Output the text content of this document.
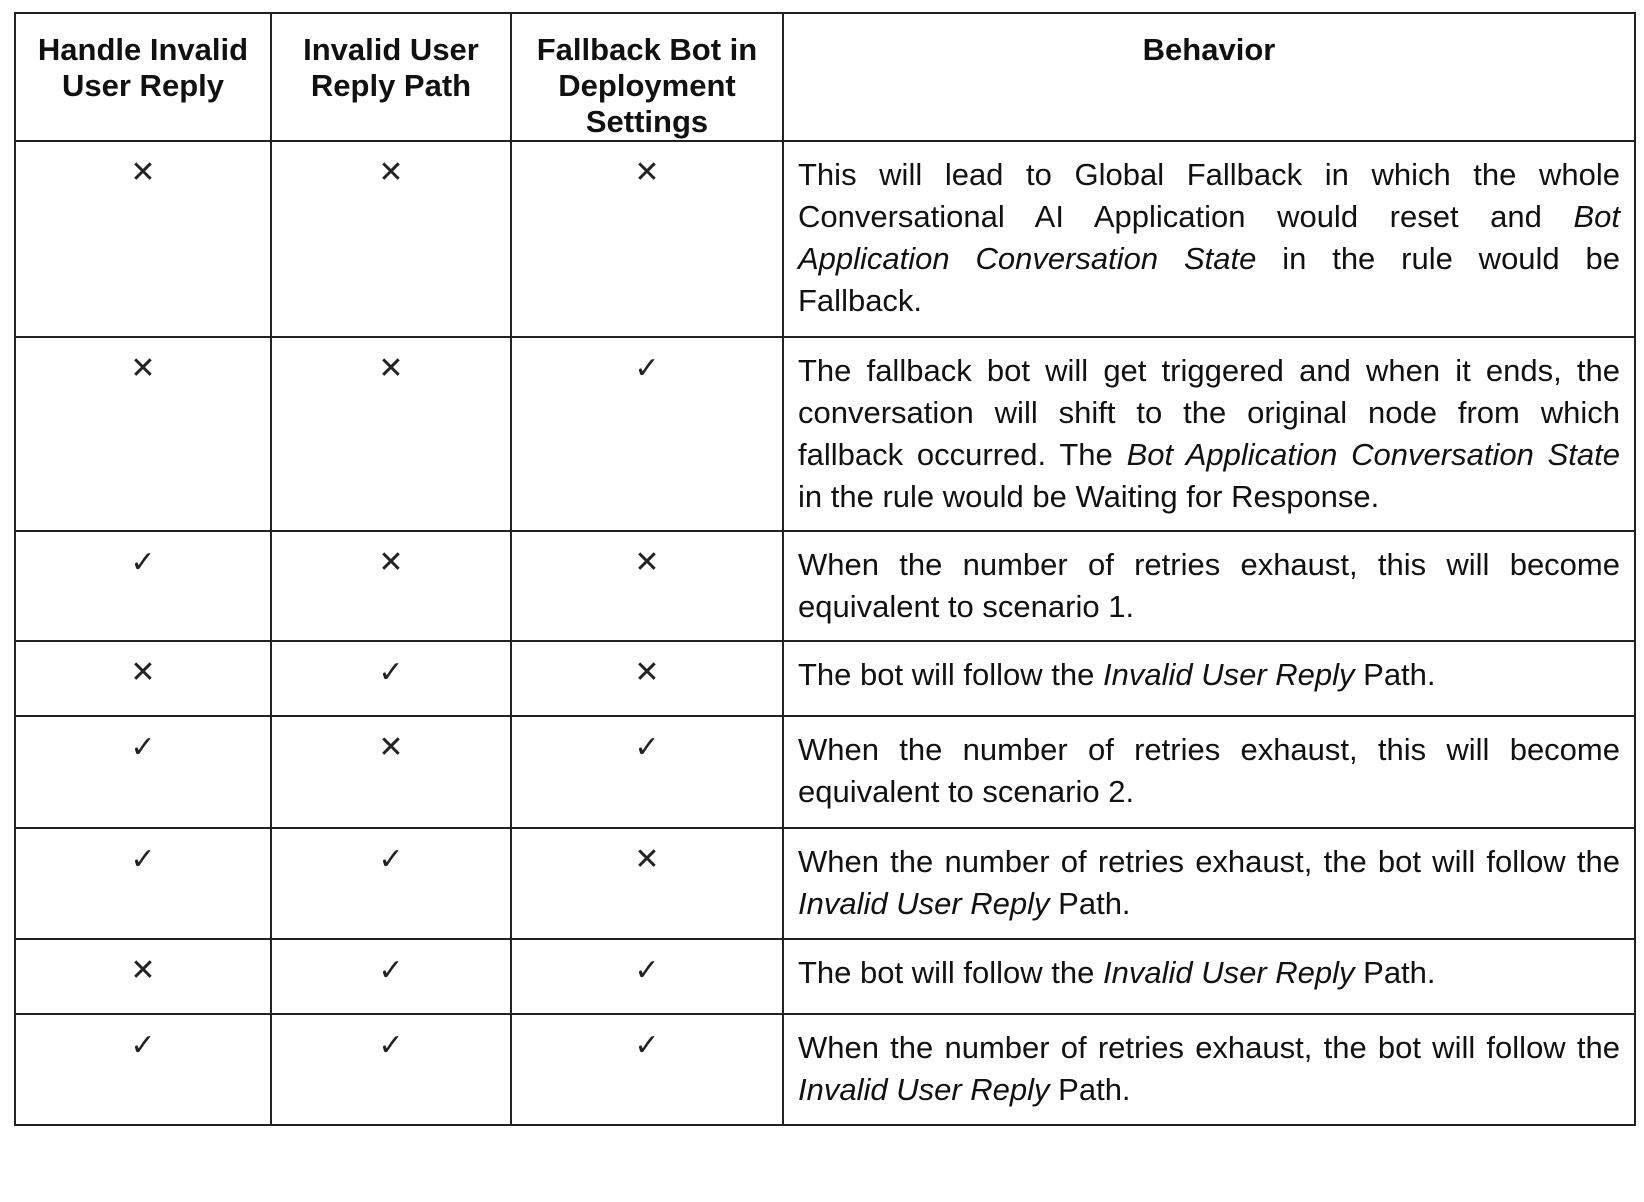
Handle Invalid User Reply	Invalid User Reply Path	Fallback Bot in Deployment Settings	Behavior
✕	✕	✕	This will lead to Global Fallback in which the whole Conversational AI Application would reset and Bot Application Conversation State in the rule would be Fallback.
✕	✕	✓	The fallback bot will get triggered and when it ends, the conversation will shift to the original node from which fallback occurred. The Bot Application Conversation State in the rule would be Waiting for Response.
✓	✕	✕	When the number of retries exhaust, this will become equivalent to scenario 1.
✕	✓	✕	The bot will follow the Invalid User Reply Path.
✓	✕	✓	When the number of retries exhaust, this will become equivalent to scenario 2.
✓	✓	✕	When the number of retries exhaust, the bot will follow the Invalid User Reply Path.
✕	✓	✓	The bot will follow the Invalid User Reply Path.
✓	✓	✓	When the number of retries exhaust, the bot will follow the Invalid User Reply Path.
